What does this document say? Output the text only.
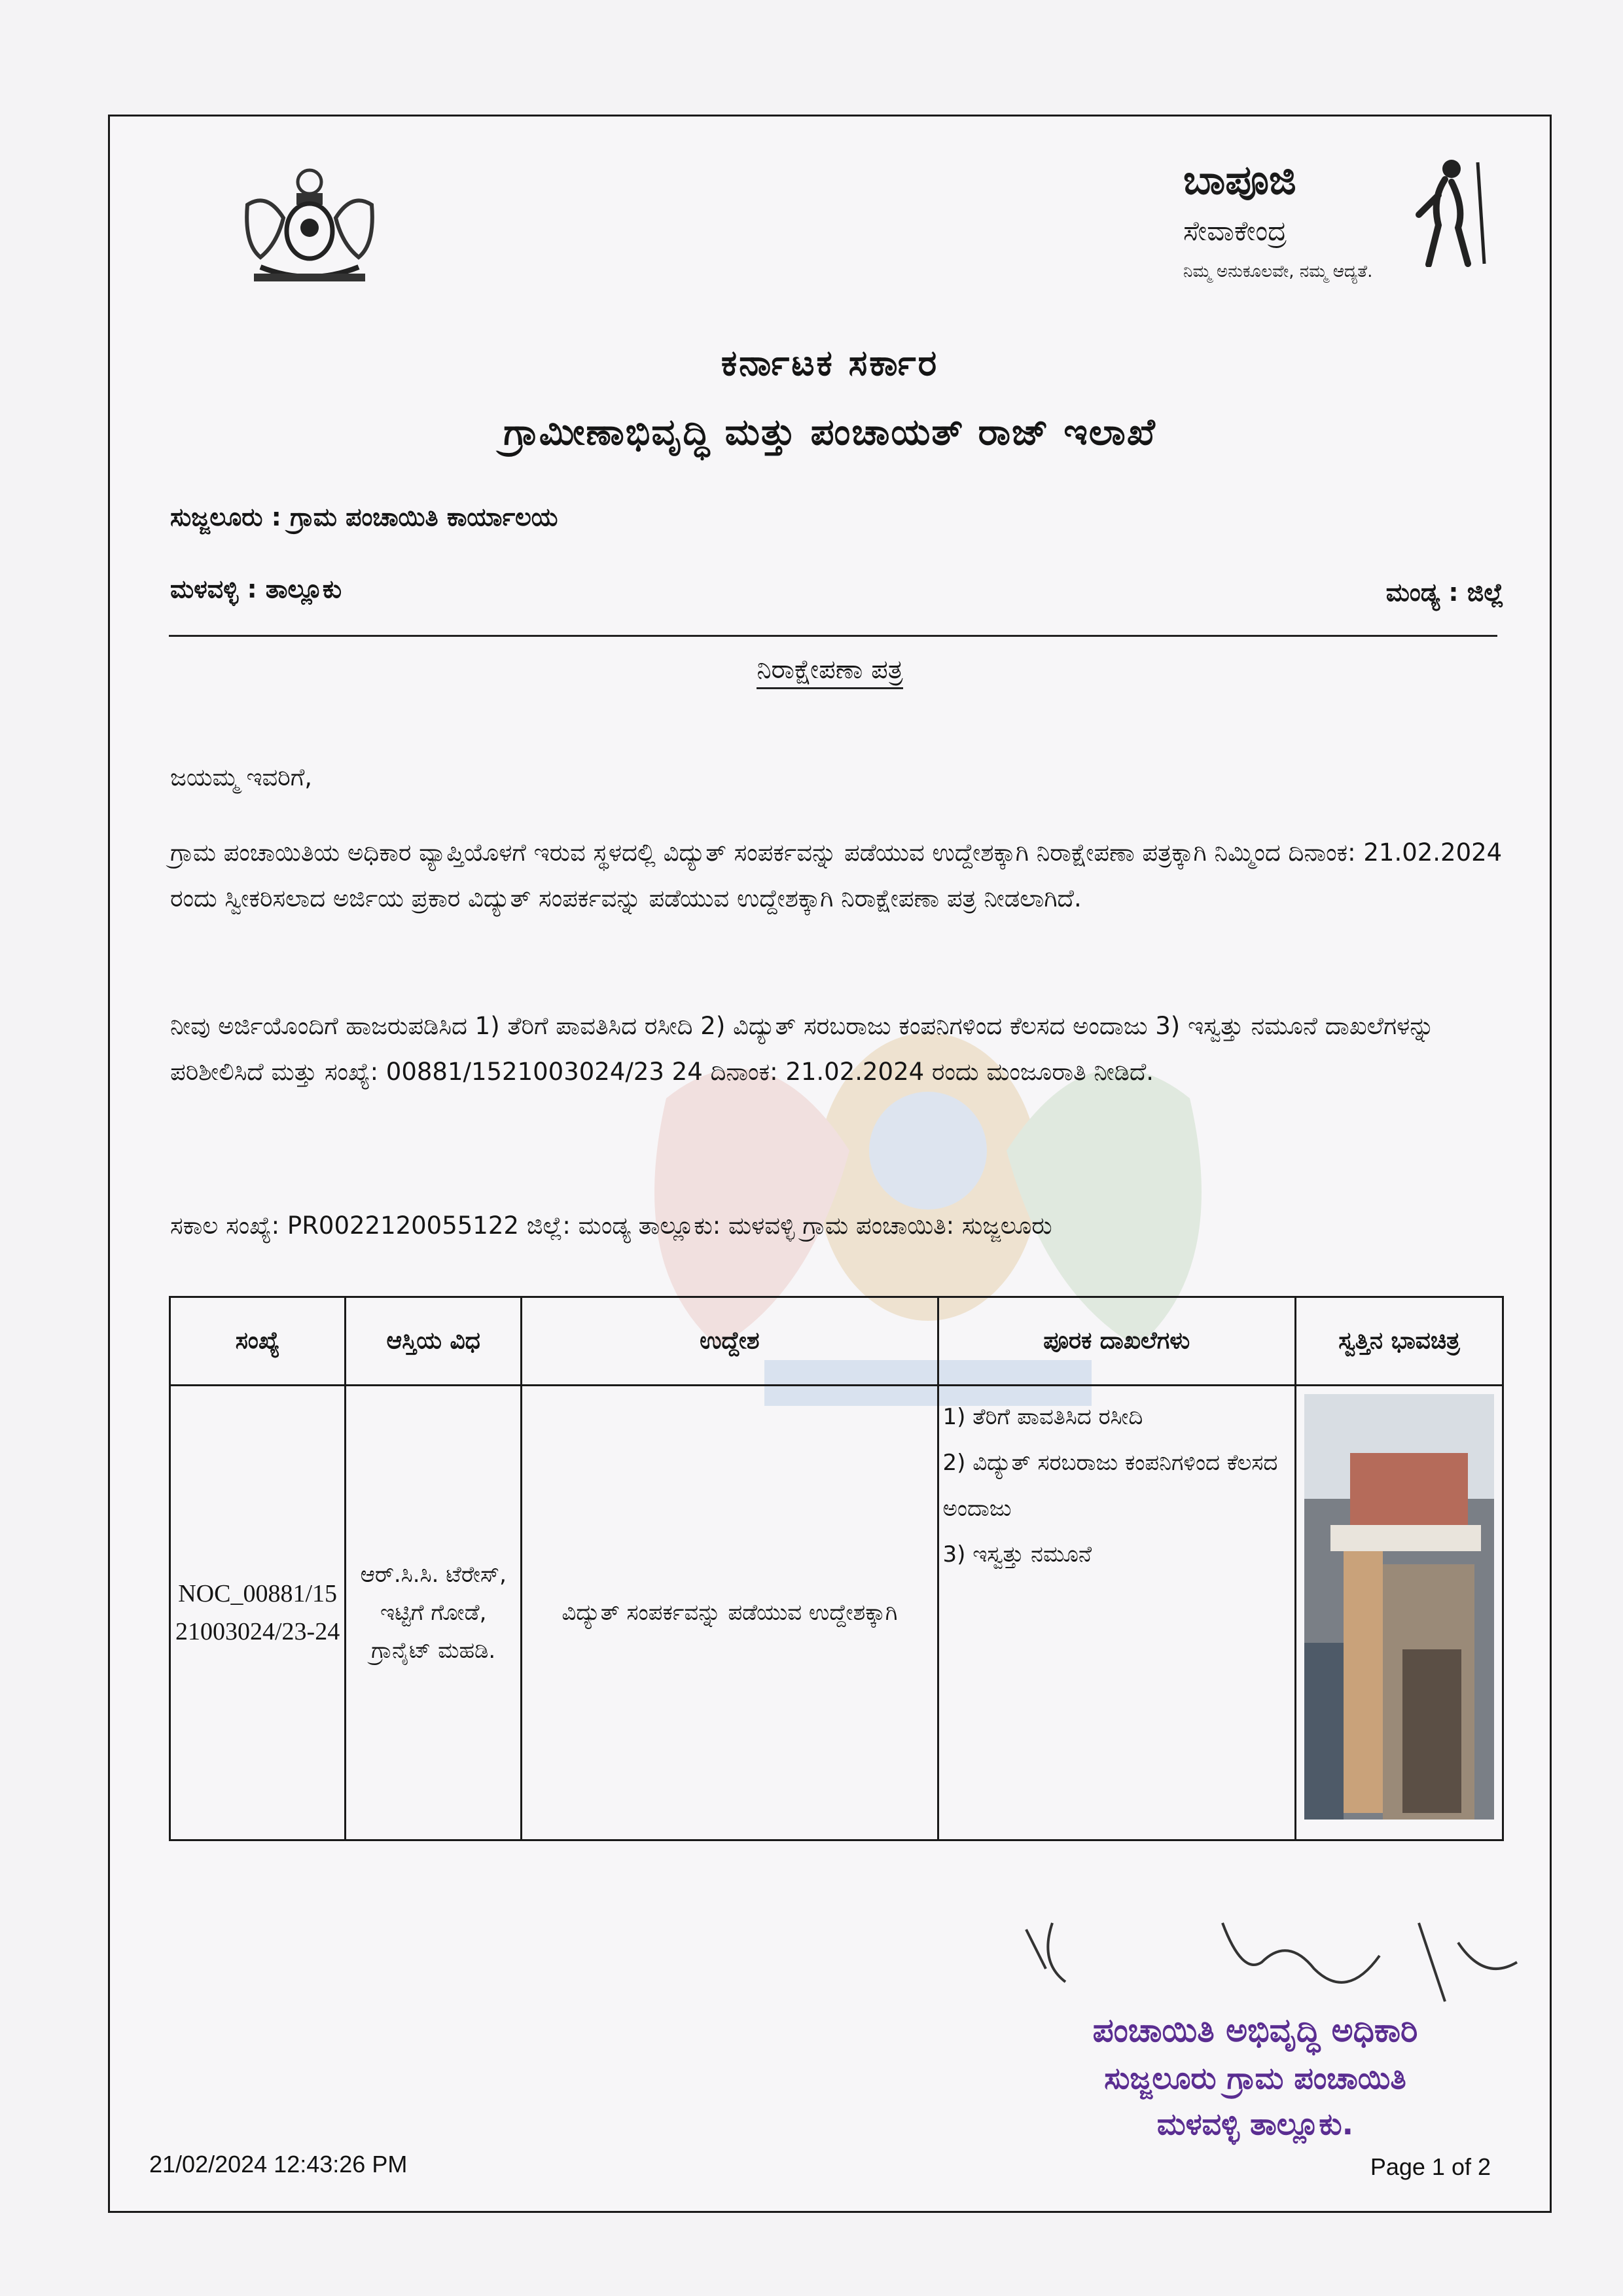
ಬಾಪೂಜಿ
ಸೇವಾಕೇಂದ್ರ
ನಿಮ್ಮ ಅನುಕೂಲವೇ, ನಮ್ಮ ಆದ್ಯತೆ.
ಕರ್ನಾಟಕ ಸರ್ಕಾರ
ಗ್ರಾಮೀಣಾಭಿವೃದ್ಧಿ ಮತ್ತು ಪಂಚಾಯತ್ ರಾಜ್ ಇಲಾಖೆ
ಸುಜ್ಜಲೂರು : ಗ್ರಾಮ ಪಂಚಾಯಿತಿ ಕಾರ್ಯಾಲಯ
ಮಳವಳ್ಳಿ : ತಾಲ್ಲೂಕು	ಮಂಡ್ಯ : ಜಿಲ್ಲೆ
ನಿರಾಕ್ಷೇಪಣಾ ಪತ್ರ
ಜಯಮ್ಮ ಇವರಿಗೆ,
ಗ್ರಾಮ ಪಂಚಾಯಿತಿಯ ಅಧಿಕಾರ ವ್ಯಾಪ್ತಿಯೊಳಗೆ ಇರುವ ಸ್ಥಳದಲ್ಲಿ ವಿದ್ಯುತ್ ಸಂಪರ್ಕವನ್ನು ಪಡೆಯುವ ಉದ್ದೇಶಕ್ಕಾಗಿ ನಿರಾಕ್ಷೇಪಣಾ ಪತ್ರಕ್ಕಾಗಿ ನಿಮ್ಮಿಂದ ದಿನಾಂಕ: 21.02.2024 ರಂದು ಸ್ವೀಕರಿಸಲಾದ ಅರ್ಜಿಯ ಪ್ರಕಾರ ವಿದ್ಯುತ್ ಸಂಪರ್ಕವನ್ನು ಪಡೆಯುವ ಉದ್ದೇಶಕ್ಕಾಗಿ ನಿರಾಕ್ಷೇಪಣಾ ಪತ್ರ ನೀಡಲಾಗಿದೆ.
ನೀವು ಅರ್ಜಿಯೊಂದಿಗೆ ಹಾಜರುಪಡಿಸಿದ 1) ತೆರಿಗೆ ಪಾವತಿಸಿದ ರಸೀದಿ 2) ವಿದ್ಯುತ್ ಸರಬರಾಜು ಕಂಪನಿಗಳಿಂದ ಕೆಲಸದ ಅಂದಾಜು 3) ಇಸ್ವತ್ತು ನಮೂನೆ ದಾಖಲೆಗಳನ್ನು ಪರಿಶೀಲಿಸಿದೆ ಮತ್ತು ಸಂಖ್ಯೆ: 00881/1521003024/23 24 ದಿನಾಂಕ: 21.02.2024 ರಂದು ಮಂಜೂರಾತಿ ನೀಡಿದೆ.
ಸಕಾಲ ಸಂಖ್ಯೆ: PR0022120055122 ಜಿಲ್ಲೆ: ಮಂಡ್ಯ ತಾಲ್ಲೂಕು: ಮಳವಳ್ಳಿ ಗ್ರಾಮ ಪಂಚಾಯಿತಿ: ಸುಜ್ಜಲೂರು
ಸಂಖ್ಯೆ	ಆಸ್ತಿಯ ವಿಧ	ಉದ್ದೇಶ	ಪೂರಕ ದಾಖಲೆಗಳು	ಸ್ವತ್ತಿನ ಭಾವಚಿತ್ರ
NOC_00881/1521003024/23-24	ಆರ್.ಸಿ.ಸಿ. ಟೆರೇಸ್, ಇಟ್ಟಿಗೆ ಗೋಡೆ, ಗ್ರಾನೈಟ್ ಮಹಡಿ.	ವಿದ್ಯುತ್ ಸಂಪರ್ಕವನ್ನು ಪಡೆಯುವ ಉದ್ದೇಶಕ್ಕಾಗಿ	1) ತೆರಿಗೆ ಪಾವತಿಸಿದ ರಸೀದಿ
2) ವಿದ್ಯುತ್ ಸರಬರಾಜು ಕಂಪನಿಗಳಿಂದ ಕೆಲಸದ ಅಂದಾಜು
3) ಇಸ್ವತ್ತು ನಮೂನೆ

ಪಂಚಾಯಿತಿ ಅಭಿವೃದ್ಧಿ ಅಧಿಕಾರಿ
ಸುಜ್ಜಲೂರು ಗ್ರಾಮ ಪಂಚಾಯಿತಿ
ಮಳವಳ್ಳಿ ತಾಲ್ಲೂಕು.
21/02/2024 12:43:26 PM	Page 1 of 2
